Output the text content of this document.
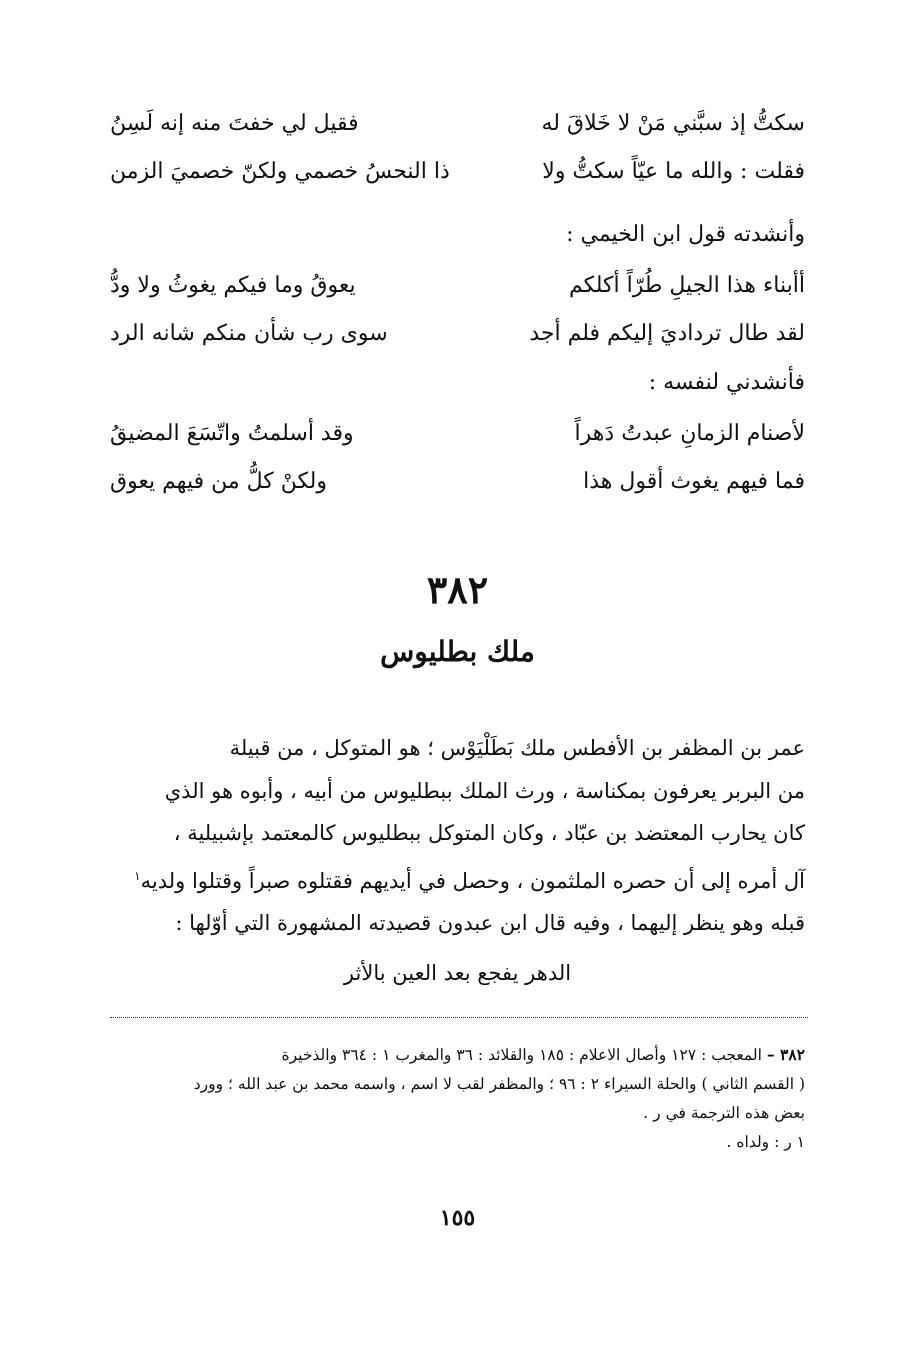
سكتُّ إذ سبَّني مَنْ لا خَلاقَ له
فقيل لي خفتَ منه إنه لَسِنُ
فقلت : والله ما عيّاً سكتُّ ولا
ذا النحسُ خصمي ولكنّ خصميَ الزمن
وأنشدته قول ابن الخيمي :
أأبناء هذا الجيلِ طُرّاً أكلكم
يعوقُ وما فيكم يغوثُ ولا ودُّ
لقد طال ترداديَ إليكم فلم أجد
سوى رب شأن منكم شانه الرد
فأنشدني لنفسه :
لأصنام الزمانِ عبدتُ دَهراً
وقد أسلمتُ واتّسَعَ المضيقُ
فما فيهم يغوث أقول هذا
ولكنْ كلُّ من فيهم يعوق
٣٨٢
ملك بطليوس
عمر بن المظفر بن الأفطس ملك بَطَلْيَوْس ؛ هو المتوكل ، من قبيلة
من البربر يعرفون بمكناسة ، ورث الملك ببطليوس من أبيه ، وأبوه هو الذي
كان يحارب المعتضد بن عبّاد ، وكان المتوكل ببطليوس كالمعتمد بإشبيلية ،
آل أمره إلى أن حصره الملثمون ، وحصل في أيديهم فقتلوه صبراً وقتلوا ولديه$^١$
قبله وهو ينظر إليهما ، وفيه قال ابن عبدون قصيدته المشهورة التي أوّلها :
الدهر يفجع بعد العين بالأثر
٣٨٢ – المعجب : ١٢٧ وأصال الاعلام : ١٨٥ والقلائد : ٣٦ والمغرب ١ : ٣٦٤ والذخيرة
( القسم الثاني ) والحلة السيراء ٢ : ٩٦ ؛ والمظفر لقب لا اسم ، واسمه محمد بن عبد الله ؛ وورد
بعض هذه الترجمة في ر .
١ ر : ولداه .
١٥٥
